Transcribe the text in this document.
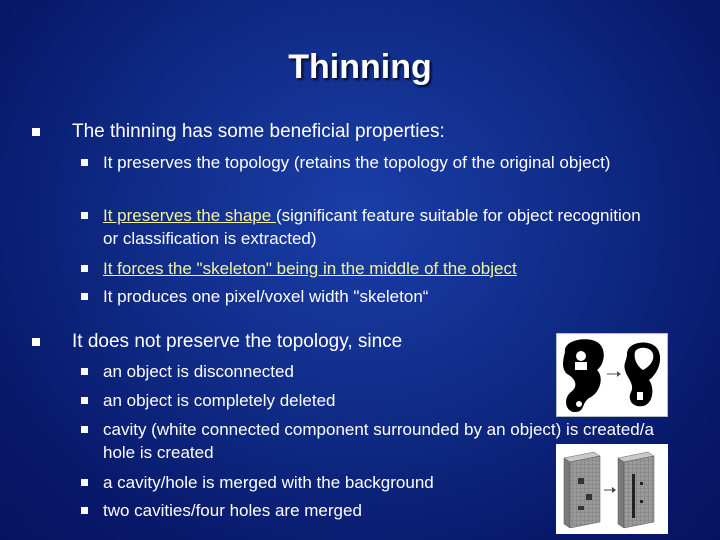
Thinning
The thinning has some beneficial properties:
It preserves the topology (retains the topology of the original object)
It preserves the shape (significant feature suitable for object recognition or classification is extracted)
It forces the "skeleton" being in the middle of the object
It produces one pixel/voxel width "skeleton“
It does not preserve the topology, since
an object is disconnected
an object is completely deleted
cavity (white connected component surrounded by an object) is created/a hole is created
a cavity/hole is merged with the background
two cavities/four holes are merged
